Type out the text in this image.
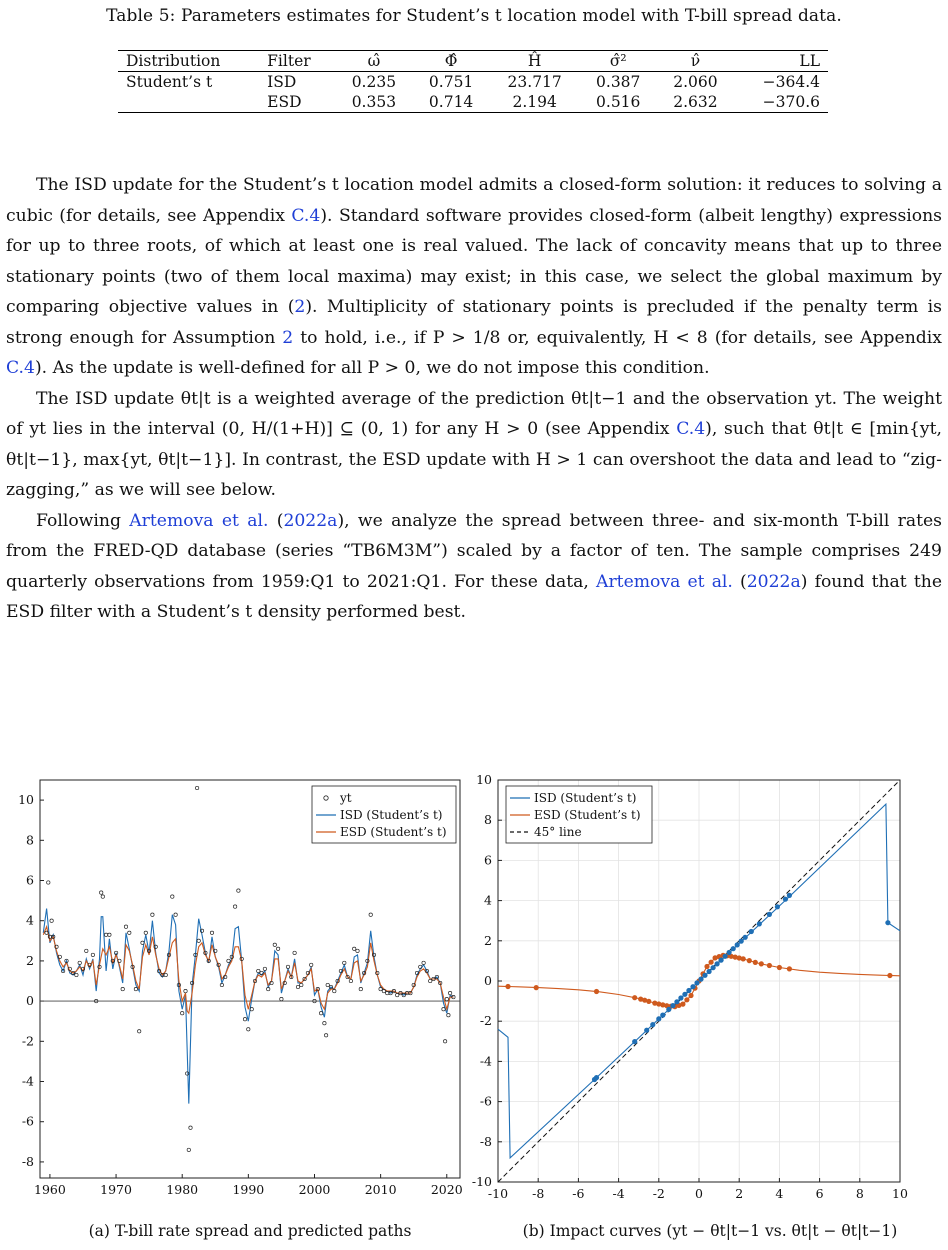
Table 5: Parameters estimates for Student’s t location model with T-bill spread data.
Distribution	Filter	ω̂	Φ̂	Ĥ	σ̂²	ν̂	LL
Student’s t	ISD	0.235	0.751	23.717	0.387	2.060	−364.4
	ESD	0.353	0.714	2.194	0.516	2.632	−370.6

The ISD update for the Student’s t location model admits a closed-form solution: it reduces to solving a cubic (for details, see Appendix C.4). Standard software provides closed-form (albeit lengthy) expressions for up to three roots, of which at least one is real valued. The lack of concavity means that up to three stationary points (two of them local maxima) may exist; in this case, we select the global maximum by comparing objective values in (2). Multiplicity of stationary points is precluded if the penalty term is strong enough for Assumption 2 to hold, i.e., if P > 1/8 or, equivalently, H < 8 (for details, see Appendix C.4). As the update is well-defined for all P > 0, we do not impose this condition.

The ISD update θt|t is a weighted average of the prediction θt|t−1 and the observation yt. The weight of yt lies in the interval (0, H/(1+H)] ⊆ (0, 1) for any H > 0 (see Appendix C.4), such that θt|t ∈ [min{yt, θt|t−1}, max{yt, θt|t−1}]. In contrast, the ESD update with H > 1 can overshoot the data and lead to “zig-zagging,” as we will see below.

Following Artemova et al. (2022a), we analyze the spread between three- and six-month T-bill rates from the FRED-QD database (series “TB6M3M”) scaled by a factor of ten. The sample comprises 249 quarterly observations from 1959:Q1 to 2021:Q1. For these data, Artemova et al. (2022a) found that the ESD filter with a Student’s t density performed best.

1960	1970	1980	1990	2000	2010	2020
10
8
6
4
2
0
-2
-4
-6
-8
yt
ISD (Student’s t)
ESD (Student’s t)
(a) T-bill rate spread and predicted paths
-10 -8 -6 -4 -2 0	2	4	6	8 10
10
8
6
4
2
0
-2
-4
-6
-8
-10
ISD (Student’s t)
ESD (Student’s t)
45° line
(b) Impact curves (yt − θt|t−1 vs. θt|t − θt|t−1)
